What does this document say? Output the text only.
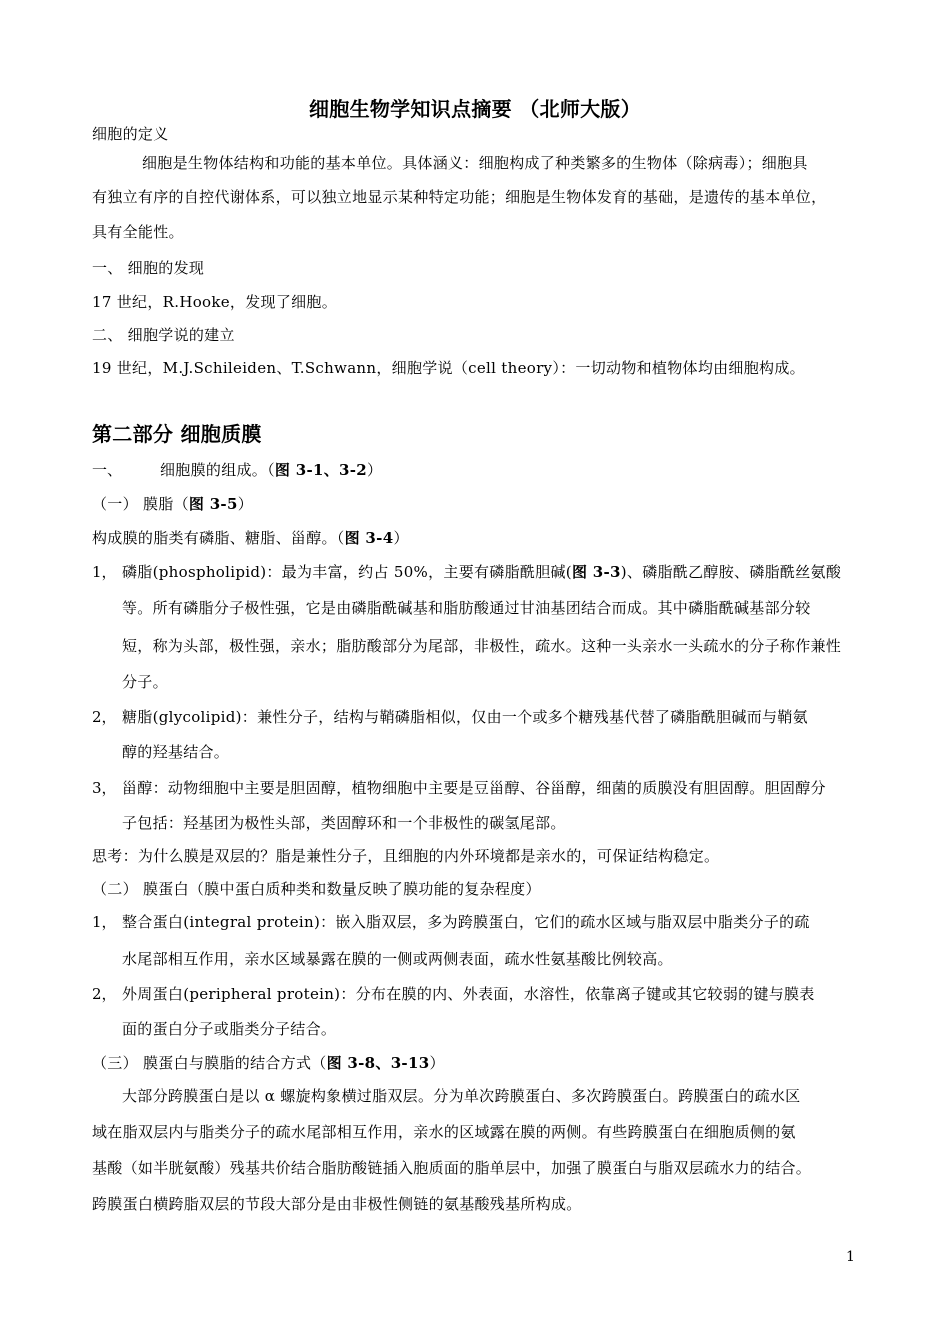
细胞生物学知识点摘要 （北师大版）
细胞的定义
细胞是生物体结构和功能的基本单位。具体涵义：细胞构成了种类繁多的生物体（除病毒）；细胞具
有独立有序的自控代谢体系，可以独立地显示某种特定功能；细胞是生物体发育的基础，是遗传的基本单位，
具有全能性。
一、 细胞的发现
17 世纪，R.Hooke，发现了细胞。
二、 细胞学说的建立
19 世纪，M.J.Schileiden、T.Schwann，细胞学说（cell theory）：一切动物和植物体均由细胞构成。
第二部分 细胞质膜
一、	细胞膜的组成。（图 3-1、3-2）
（一） 膜脂（图 3-5）
构成膜的脂类有磷脂、糖脂、甾醇。（图 3-4）
1， 磷脂(phospholipid)：最为丰富，约占 50%，主要有磷脂酰胆碱(图 3-3)、磷脂酰乙醇胺、磷脂酰丝氨酸
等。所有磷脂分子极性强，它是由磷脂酰碱基和脂肪酸通过甘油基团结合而成。其中磷脂酰碱基部分较
短，称为头部，极性强，亲水；脂肪酸部分为尾部，非极性，疏水。这种一头亲水一头疏水的分子称作兼性
分子。
2， 糖脂(glycolipid)：兼性分子，结构与鞘磷脂相似，仅由一个或多个糖残基代替了磷脂酰胆碱而与鞘氨
醇的羟基结合。
3， 甾醇：动物细胞中主要是胆固醇，植物细胞中主要是豆甾醇、谷甾醇，细菌的质膜没有胆固醇。胆固醇分
子包括：羟基团为极性头部，类固醇环和一个非极性的碳氢尾部。
思考：为什么膜是双层的？脂是兼性分子，且细胞的内外环境都是亲水的，可保证结构稳定。
（二） 膜蛋白（膜中蛋白质种类和数量反映了膜功能的复杂程度）
1， 整合蛋白(integral protein)：嵌入脂双层，多为跨膜蛋白，它们的疏水区域与脂双层中脂类分子的疏
水尾部相互作用，亲水区域暴露在膜的一侧或两侧表面，疏水性氨基酸比例较高。
2， 外周蛋白(peripheral protein)：分布在膜的内、外表面，水溶性，依靠离子键或其它较弱的键与膜表
面的蛋白分子或脂类分子结合。
（三） 膜蛋白与膜脂的结合方式（图 3-8、3-13）
大部分跨膜蛋白是以 α 螺旋构象横过脂双层。分为单次跨膜蛋白、多次跨膜蛋白。跨膜蛋白的疏水区
域在脂双层内与脂类分子的疏水尾部相互作用，亲水的区域露在膜的两侧。有些跨膜蛋白在细胞质侧的氨
基酸（如半胱氨酸）残基共价结合脂肪酸链插入胞质面的脂单层中，加强了膜蛋白与脂双层疏水力的结合。
跨膜蛋白横跨脂双层的节段大部分是由非极性侧链的氨基酸残基所构成。
1
